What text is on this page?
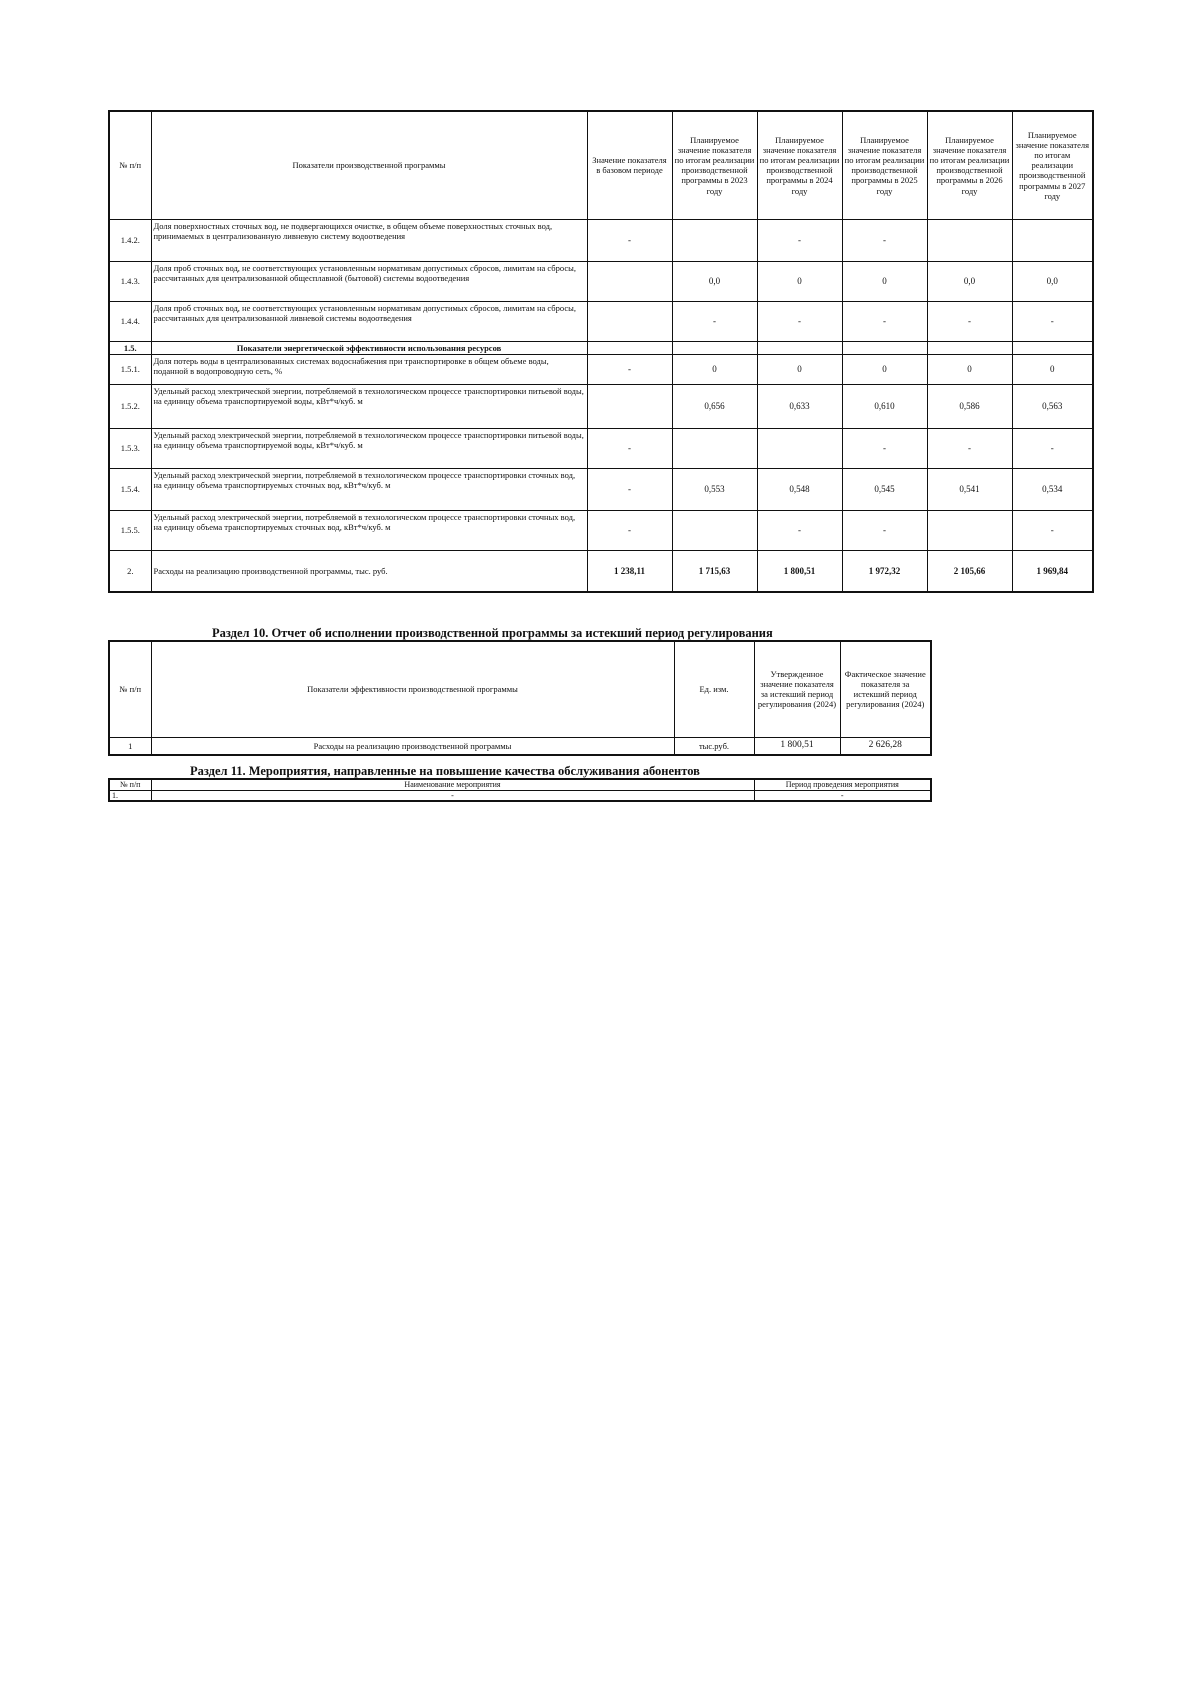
№ п/п	Показатели производственной программы	Значение показателя в базовом периоде	Планируемое значение показателя по итогам реализации производственной программы в 2023 году	Планируемое значение показателя по итогам реализации производственной программы в 2024 году	Планируемое значение показателя по итогам реализации производственной программы в 2025 году	Планируемое значение показателя по итогам реализации производственной программы в 2026 году	Планируемое значение показателя по итогам реализации производственной программы в 2027 году
1.4.2.	Доля поверхностных сточных вод, не подвергающихся очистке, в общем объеме поверхностных сточных вод, принимаемых в централизованную ливневую систему водоотведения	-		-	-		
1.4.3.	Доля проб сточных вод, не соответствующих установленным нормативам допустимых сбросов, лимитам на сбросы, рассчитанных для централизованной общесплавной (бытовой) системы водоотведения		0,0	0	0	0,0	0,0
1.4.4.	Доля проб сточных вод, не соответствующих установленным нормативам допустимых сбросов, лимитам на сбросы, рассчитанных для централизованной ливневой системы водоотведения		-	-	-	-	-
1.5.	Показатели энергетической эффективности использования ресурсов						
1.5.1.	Доля потерь воды в централизованных системах водоснабжения при транспортировке в общем объеме воды, поданной в водопроводную сеть, %	-	0	0	0	0	0
1.5.2.	Удельный расход электрической энергии, потребляемой в технологическом процессе транспортировки питьевой воды, на единицу объема транспортируемой воды, кВт*ч/куб. м		0,656	0,633	0,610	0,586	0,563
1.5.3.	Удельный расход электрической энергии, потребляемой в технологическом процессе транспортировки питьевой воды, на единицу объема транспортируемой воды, кВт*ч/куб. м	-			-	-	-
1.5.4.	Удельный расход электрической энергии, потребляемой в технологическом процессе транспортировки сточных вод, на единицу объема транспортируемых сточных вод, кВт*ч/куб. м	-	0,553	0,548	0,545	0,541	0,534
1.5.5.	Удельный расход электрической энергии, потребляемой в технологическом процессе транспортировки сточных вод, на единицу объема транспортируемых сточных вод, кВт*ч/куб. м	-		-	-		-
2.	Расходы на реализацию производственной программы, тыс. руб.	1 238,11	1 715,63	1 800,51	1 972,32	2 105,66	1 969,84
Раздел 10. Отчет об исполнении производственной программы за истекший период регулирования
№ п/п	Показатели эффективности производственной программы	Ед. изм.	Утвержденное значение показателя за истекший период регулирования (2024)	Фактическое значение показателя за истекший период регулирования (2024)
1	Расходы на реализацию производственной программы	тыс.руб.	1 800,51	2 626,28
Раздел 11. Мероприятия, направленные на повышение качества обслуживания абонентов
№ п/п	Наименование мероприятия	Период проведения мероприятия
1.	-	-
